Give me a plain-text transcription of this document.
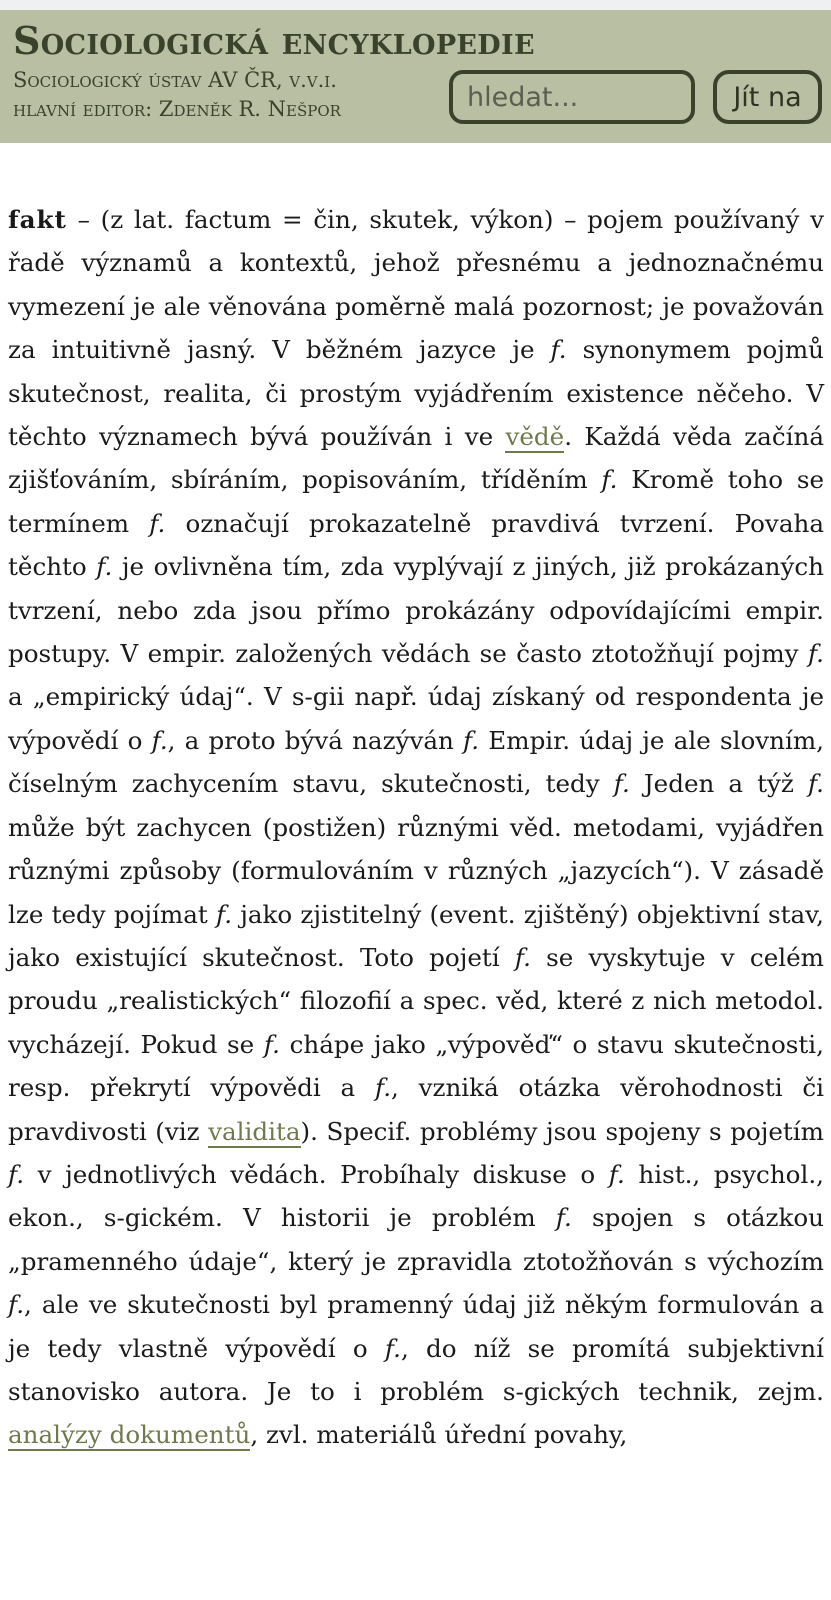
Sociologická encyklopedie
Sociologický ústav AV ČR, v.v.i.
hlavní editor: Zdeněk R. Nešpor
hledat...	Jít na

fakt – (z lat. factum = čin, skutek, výkon) – pojem používaný v řadě významů a kontextů, jehož přesnému a jednoznačnému vymezení je ale věnována poměrně malá pozornost; je považován za intuitivně jasný. V běžném jazyce je f. synonymem pojmů skutečnost, realita, či prostým vyjádřením existence něčeho. V těchto významech bývá používán i ve vědě. Každá věda začíná zjišťováním, sbíráním, popisováním, tříděním f. Kromě toho se termínem f. označují prokazatelně pravdivá tvrzení. Povaha těchto f. je ovlivněna tím, zda vyplývají z jiných, již prokázaných tvrzení, nebo zda jsou přímo prokázány odpovídajícími empir. postupy. V empir. založených vědách se často ztotožňují pojmy f. a „empirický údaj“. V s-gii např. údaj získaný od respondenta je výpovědí o f., a proto bývá nazýván f. Empir. údaj je ale slovním, číselným zachycením stavu, skutečnosti, tedy f. Jeden a týž f. může být zachycen (postižen) různými věd. metodami, vyjádřen různými způsoby (formulováním v různých „jazycích“). V zásadě lze tedy pojímat f. jako zjistitelný (event. zjištěný) objektivní stav, jako existující skutečnost. Toto pojetí f. se vyskytuje v celém proudu „realistických“ filozofií a spec. věd, které z nich metodol. vycházejí. Pokud se f. chápe jako „výpověď“ o stavu skutečnosti, resp. překrytí výpovědi a f., vzniká otázka věrohodnosti či pravdivosti (viz validita). Specif. problémy jsou spojeny s pojetím f. v jednotlivých vědách. Probíhaly diskuse o f. hist., psychol., ekon., s-gickém. V historii je problém f. spojen s otázkou „pramenného údaje“, který je zpravidla ztotožňován s výchozím f., ale ve skutečnosti byl pramenný údaj již někým formulován a je tedy vlastně výpovědí o f., do níž se promítá subjektivní stanovisko autora. Je to i problém s-gických technik, zejm. analýzy dokumentů, zvl. materiálů úřední povahy,
